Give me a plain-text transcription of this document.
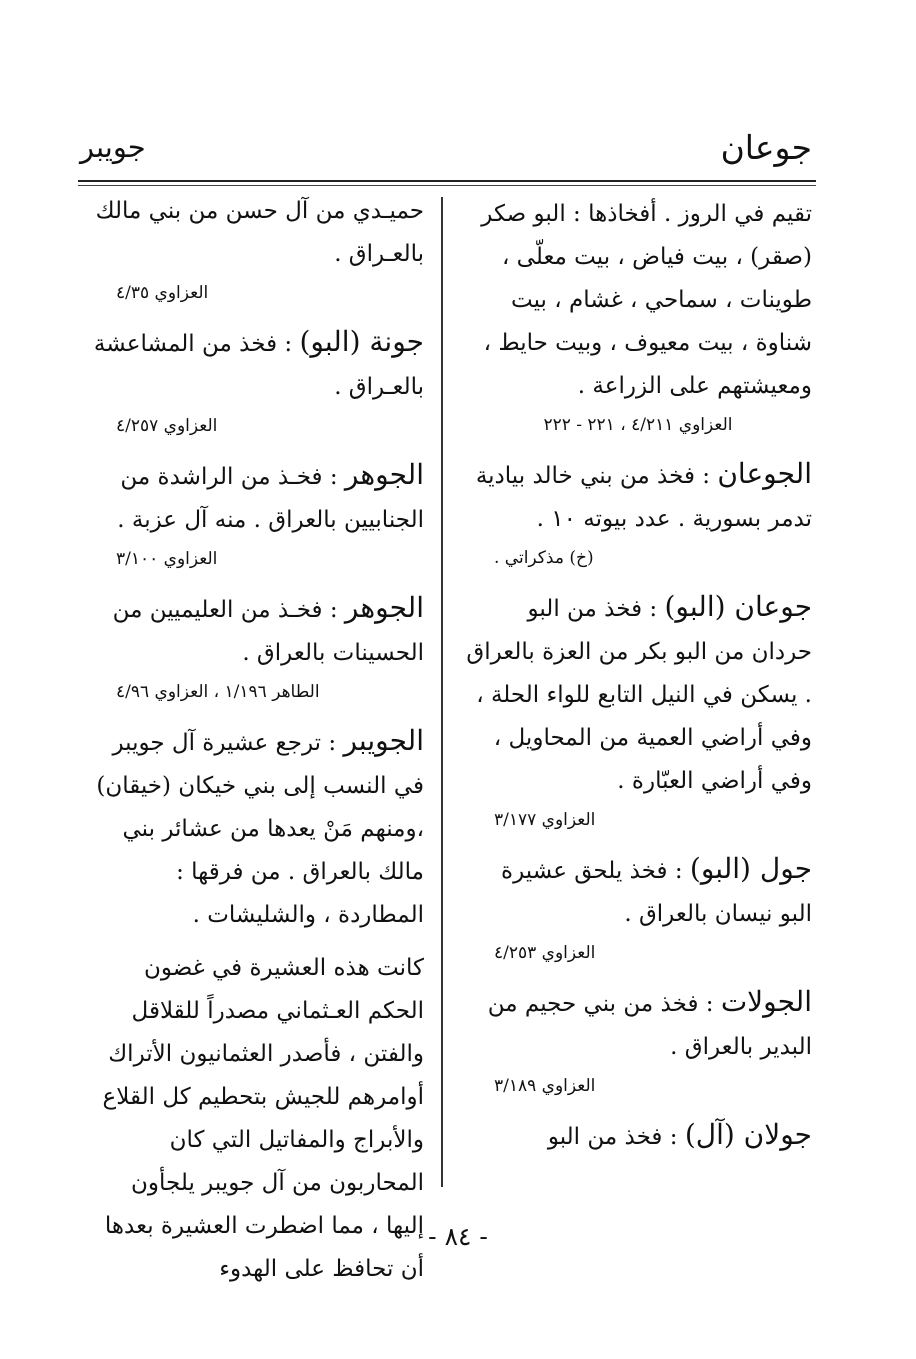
جوعان
جويبر
تقيم في الروز . أفخاذها : البو صكر (صقر) ، بيت فياض ، بيت معلّى ، طوينات ، سماحي ، غشام ، بيت شناوة ، بيت معيوف ، وبيت حايط ، ومعيشتهم على الزراعة .
العزاوي ٤/٢١١ ، ٢٢١ - ٢٢٢
الجوعان : فخذ من بني خالد بيادية تدمر بسورية . عدد بيوته ١٠ .
(خ) مذكراتي .
جوعان (البو) : فخذ من البو حردان من البو بكر من العزة بالعراق . يسكن في النيل التابع للواء الحلة ، وفي أراضي العمية من المحاويل ، وفي أراضي العبّارة .
العزاوي ٣/١٧٧
جول (البو) : فخذ يلحق عشيرة البو نيسان بالعراق .
العزاوي ٤/٢٥٣
الجولات : فخذ من بني حجيم من البدير بالعراق .
العزاوي ٣/١٨٩
جولان (آل) : فخذ من البو
حميـدي من آل حسن من بني مالك بالعـراق .
العزاوي ٤/٣٥
جونة (البو) : فخذ من المشاعشة بالعـراق .
العزاوي ٤/٢٥٧
الجوهر : فخـذ من الراشدة من الجنابيين بالعراق . منه آل عزبة .
العزاوي ٣/١٠٠
الجوهر : فخـذ من العليميين من الحسينات بالعراق .
الطاهر ١/١٩٦ ، العزاوي ٤/٩٦
الجويبر : ترجع عشيرة آل جويبر في النسب إلى بني خيكان (خيقان) ،ومنهم مَنْ يعدها من عشائر بني مالك بالعراق . من فرقها : المطاردة ، والشليشات .
كانت هذه العشيرة في غضون الحكم العـثماني مصدراً للقلاقل والفتن ، فأصدر العثمانيون الأتراك أوامرهم للجيش بتحطيم كل القلاع والأبراج والمفاتيل التي كان المحاربون من آل جويبر يلجأون إليها ، مما اضطرت العشيرة بعدها أن تحافظ على الهدوء
- ٨٤ -
